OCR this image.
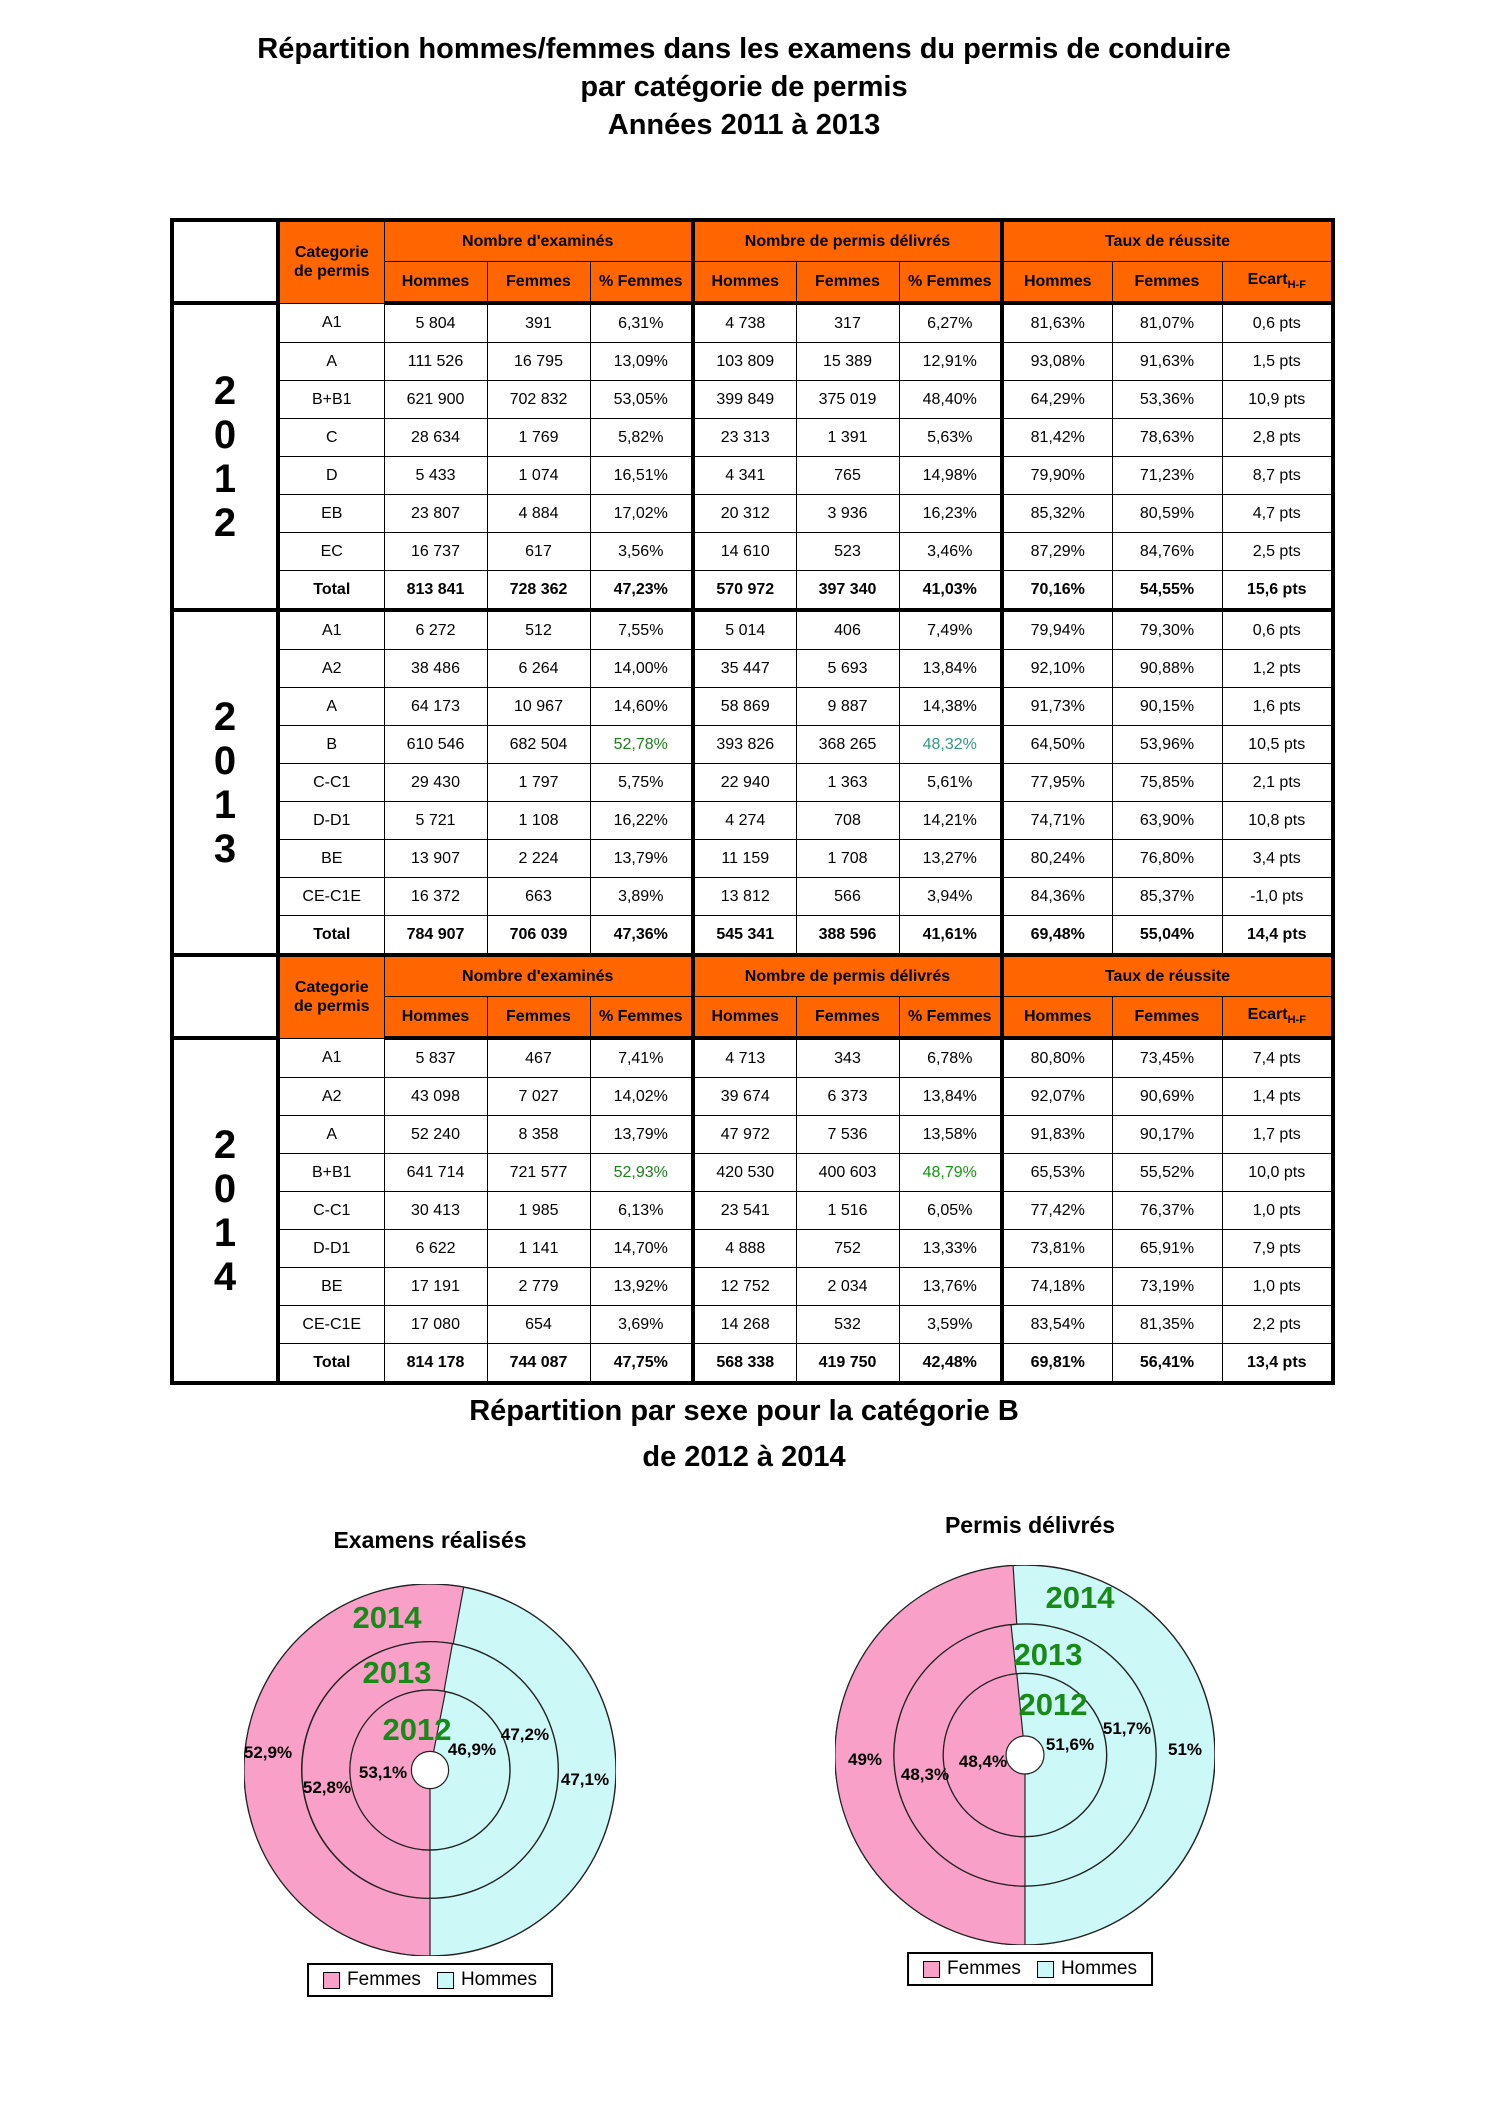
Répartition hommes/femmes dans les examens du permis de conduire
par catégorie de permis
Années 2011 à 2013

	Categorie
de permis	Nombre d'examinés			Nombre de permis délivrés			Taux de réussite		
		Hommes	Femmes	% Femmes	Hommes	Femmes	% Femmes	Hommes	Femmes	Ecart$_{H-F}$

2
0
1
2	A1	5 804	391	6,31%	4 738	317	6,27%	81,63%	81,07%	0,6 pts
	A	111 526	16 795	13,09%	103 809	15 389	12,91%	93,08%	91,63%	1,5 pts
	B+B1	621 900	702 832	53,05%	399 849	375 019	48,40%	64,29%	53,36%	10,9 pts
	C	28 634	1 769	5,82%	23 313	1 391	5,63%	81,42%	78,63%	2,8 pts
	D	5 433	1 074	16,51%	4 341	765	14,98%	79,90%	71,23%	8,7 pts
	EB	23 807	4 884	17,02%	20 312	3 936	16,23%	85,32%	80,59%	4,7 pts
	EC	16 737	617	3,56%	14 610	523	3,46%	87,29%	84,76%	2,5 pts
	Total	813 841	728 362	47,23%	570 972	397 340	41,03%	70,16%	54,55%	15,6 pts

2
0
1
3	A1	6 272	512	7,55%	5 014	406	7,49%	79,94%	79,30%	0,6 pts
	A2	38 486	6 264	14,00%	35 447	5 693	13,84%	92,10%	90,88%	1,2 pts
	A	64 173	10 967	14,60%	58 869	9 887	14,38%	91,73%	90,15%	1,6 pts
	B	610 546	682 504	52,78%	393 826	368 265	48,32%	64,50%	53,96%	10,5 pts
	C-C1	29 430	1 797	5,75%	22 940	1 363	5,61%	77,95%	75,85%	2,1 pts
	D-D1	5 721	1 108	16,22%	4 274	708	14,21%	74,71%	63,90%	10,8 pts
	BE	13 907	2 224	13,79%	11 159	1 708	13,27%	80,24%	76,80%	3,4 pts
	CE-C1E	16 372	663	3,89%	13 812	566	3,94%	84,36%	85,37%	-1,0 pts
	Total	784 907	706 039	47,36%	545 341	388 596	41,61%	69,48%	55,04%	14,4 pts

	Categorie
de permis	Nombre d'examinés			Nombre de permis délivrés			Taux de réussite		
		Hommes	Femmes	% Femmes	Hommes	Femmes	% Femmes	Hommes	Femmes	Ecart$_{H-F}$

2
0
1
4	A1	5 837	467	7,41%	4 713	343	6,78%	80,80%	73,45%	7,4 pts
	A2	43 098	7 027	14,02%	39 674	6 373	13,84%	92,07%	90,69%	1,4 pts
	A	52 240	8 358	13,79%	47 972	7 536	13,58%	91,83%	90,17%	1,7 pts
	B+B1	641 714	721 577	52,93%	420 530	400 603	48,79%	65,53%	55,52%	10,0 pts
	C-C1	30 413	1 985	6,13%	23 541	1 516	6,05%	77,42%	76,37%	1,0 pts
	D-D1	6 622	1 141	14,70%	4 888	752	13,33%	73,81%	65,91%	7,9 pts
	BE	17 191	2 779	13,92%	12 752	2 034	13,76%	74,18%	73,19%	1,0 pts
	CE-C1E	17 080	654	3,69%	14 268	532	3,59%	83,54%	81,35%	2,2 pts
	Total	814 178	744 087	47,75%	568 338	419 750	42,48%	69,81%	56,41%	13,4 pts
Répartition par sexe pour la catégorie B
de 2012 à 2014
Examens réalisés
2014
2013
2012
52,9%
52,8%
53,1%
46,9%
47,2%
47,1%
Femmes Hommes
Permis délivrés
2014
2013
2012
49%
48,3%
48,4%
51,6%
51,7%
51%
Femmes Hommes
